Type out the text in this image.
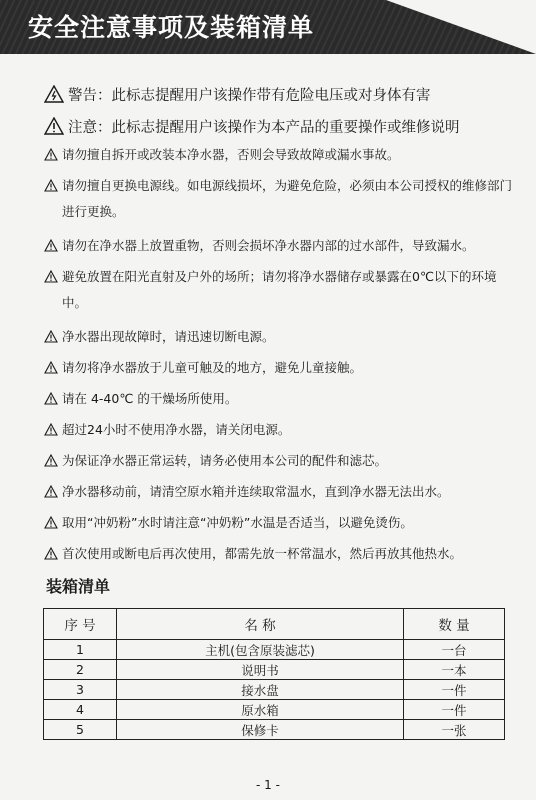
安全注意事项及装箱清单
警告：此标志提醒用户该操作带有危险电压或对身体有害
注意：此标志提醒用户该操作为本产品的重要操作或维修说明
请勿擅自拆开或改装本净水器，否则会导致故障或漏水事故。
请勿擅自更换电源线。如电源线损坏，为避免危险，必须由本公司授权的维修部门进行更换。
请勿在净水器上放置重物，否则会损坏净水器内部的过水部件，导致漏水。
避免放置在阳光直射及户外的场所；请勿将净水器储存或暴露在0℃以下的环境中。
净水器出现故障时，请迅速切断电源。
请勿将净水器放于儿童可触及的地方，避免儿童接触。
请在 4-40℃ 的干燥场所使用。
超过24小时不使用净水器，请关闭电源。
为保证净水器正常运转，请务必使用本公司的配件和滤芯。
净水器移动前，请清空原水箱并连续取常温水，直到净水器无法出水。
取用“冲奶粉”水时请注意“冲奶粉”水温是否适当，以避免烫伤。
首次使用或断电后再次使用，都需先放一杯常温水，然后再放其他热水。
装箱清单
序 号	名 称	数 量
1	主机(包含原装滤芯)	一台
2	说明书	一本
3	接水盘	一件
4	原水箱	一件
5	保修卡	一张
- 1 -
